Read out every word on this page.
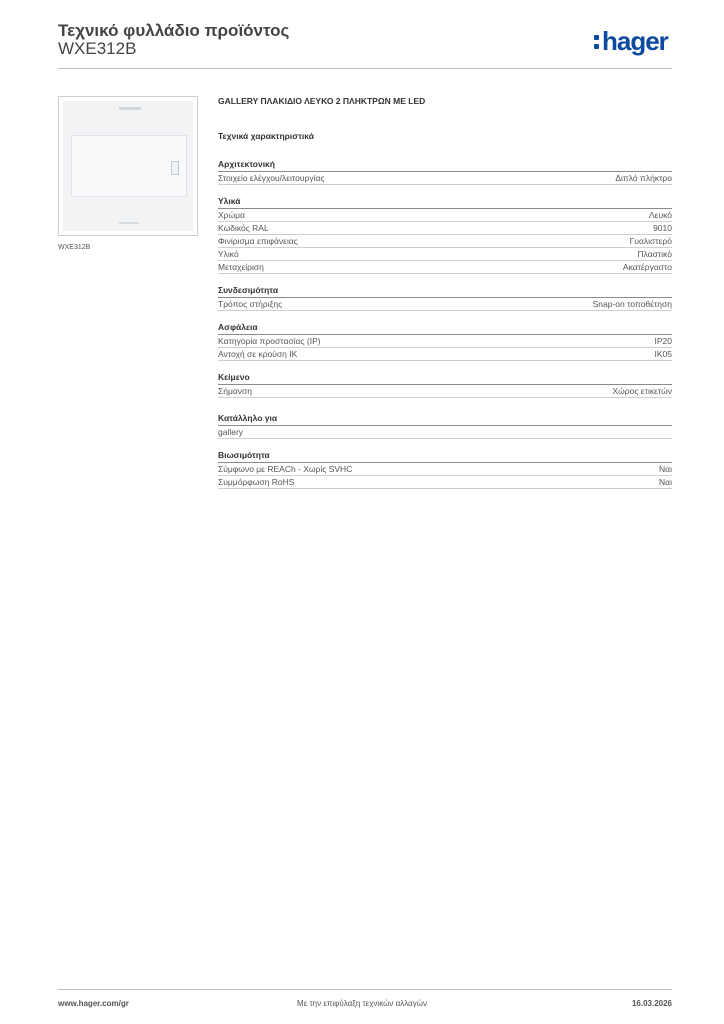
Τεχνικό φυλλάδιο προϊόντος
WXE312B	hager
WXE312B
GALLERY ΠΛΑΚΙΔΙΟ ΛΕΥΚΟ 2 ΠΛΗΚΤΡΩΝ ΜΕ LED
Τεχνικά χαρακτηριστικά
Αρχιτεκτονική
Στοιχείο ελέγχου/λειτουργίας	Διπλό πλήκτρο
Υλικά
Χρώμα	Λευκό
Κωδικός RAL	9010
Φινίρισμα επιφάνειας	Γυαλιστερό
Υλικό	Πλαστικό
Μεταχείριση	Ακατέργαστο
Συνδεσιμότητα
Τρόπος στήριξης	Snap-on τοποθέτηση
Ασφάλεια
Κατηγορία προστασίας (IP)	IP20
Αντοχή σε κρούση IK	IK05
Κείμενο
Σήμανση	Χώρος ετικετών
Κατάλληλο για
gallery
Βιωσιμότητα
Σύμφωνο με REACh - Χωρίς SVHC	Ναι
Συμμόρφωση RoHS	Ναι
www.hager.com/gr	Με την επιφύλαξη τεχνικών αλλαγών	16.03.2026
